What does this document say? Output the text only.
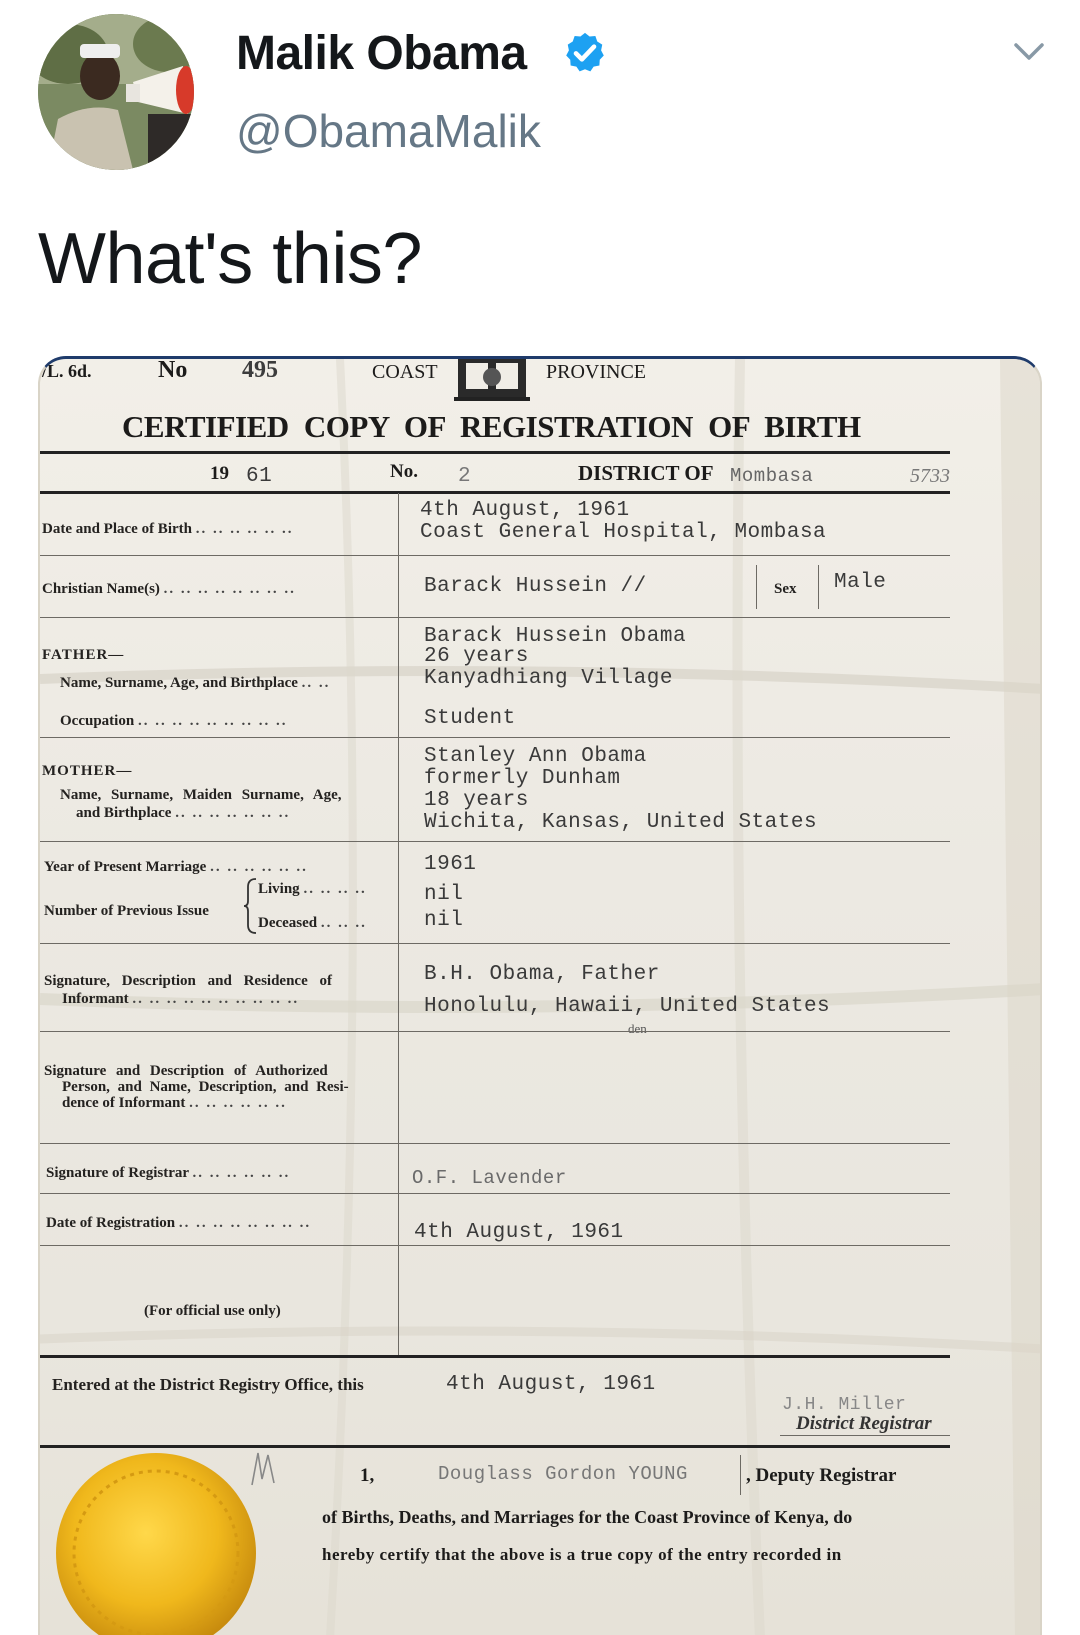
Malik Obama
@ObamaMalik
What's this?
/L. 6d.	No 495	COAST	PROVINCE
CERTIFIED COPY OF REGISTRATION OF BIRTH
19 61	No. 2	DISTRICT OF Mombasa	5733
Date and Place of Birth .. .. .. .. .. ..
4th August, 1961
Coast General Hospital, Mombasa
Christian Name(s) .. .. .. .. .. .. .. ..	Barack Hussein //	Sex Male
FATHER—
Name, Surname, Age, and Birthplace .. ..
Barack Hussein Obama
26 years
Kanyadhiang Village
Occupation .. .. .. .. .. .. .. .. ..	Student
MOTHER—
Name, Surname, Maiden Surname, Age,
and Birthplace .. .. .. .. .. .. ..
Stanley Ann Obama
formerly Dunham
18 years
Wichita, Kansas, United States
Year of Present Marriage .. .. .. .. .. ..	1961
Number of Previous Issue
Living .. .. .. ..	nil
Deceased .. .. ..	nil
Signature, Description and Residence of
Informant .. .. .. .. .. .. .. .. .. ..
B.H. Obama, Father
Honolulu, Hawaii, United States
den
Signature and Description of Authorized
Person, and Name, Description, and Resi-
dence of Informant .. .. .. .. .. ..
Signature of Registrar .. .. .. .. .. ..	O.F. Lavender
Date of Registration .. .. .. .. .. .. .. ..	4th August, 1961
(For official use only)
Entered at the District Registry Office, this	4th August, 1961
J.H. Miller
District Registrar
1,	Douglass Gordon YOUNG	, Deputy Registrar
of Births, Deaths, and Marriages for the Coast Province of Kenya, do
hereby certify that the above is a true copy of the entry recorded in
